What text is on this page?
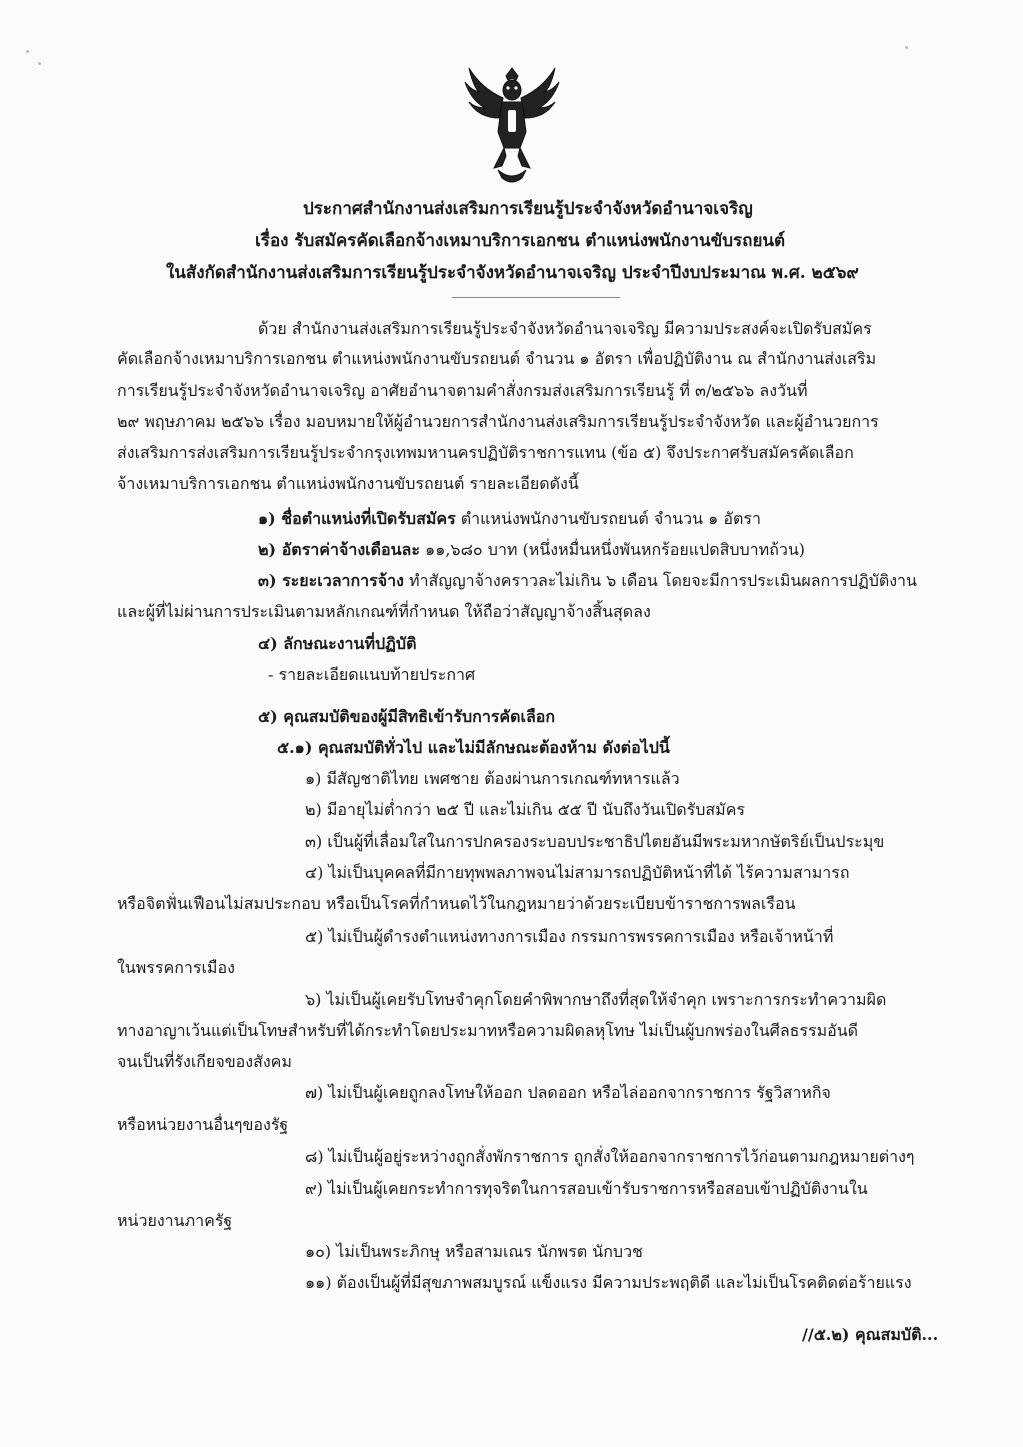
ประกาศสำนักงานส่งเสริมการเรียนรู้ประจำจังหวัดอำนาจเจริญ
เรื่อง รับสมัครคัดเลือกจ้างเหมาบริการเอกชน ตำแหน่งพนักงานขับรถยนต์
ในสังกัดสำนักงานส่งเสริมการเรียนรู้ประจำจังหวัดอำนาจเจริญ ประจำปีงบประมาณ พ.ศ. ๒๕๖๙
ด้วย สำนักงานส่งเสริมการเรียนรู้ประจำจังหวัดอำนาจเจริญ มีความประสงค์จะเปิดรับสมัคร
คัดเลือกจ้างเหมาบริการเอกชน ตำแหน่งพนักงานขับรถยนต์ จำนวน ๑ อัตรา เพื่อปฏิบัติงาน ณ สำนักงานส่งเสริม
การเรียนรู้ประจำจังหวัดอำนาจเจริญ อาศัยอำนาจตามคำสั่งกรมส่งเสริมการเรียนรู้ ที่ ๓/๒๕๖๖ ลงวันที่
๒๙ พฤษภาคม ๒๕๖๖ เรื่อง มอบหมายให้ผู้อำนวยการสำนักงานส่งเสริมการเรียนรู้ประจำจังหวัด และผู้อำนวยการ
ส่งเสริมการส่งเสริมการเรียนรู้ประจำกรุงเทพมหานครปฏิบัติราชการแทน (ข้อ ๕) จึงประกาศรับสมัครคัดเลือก
จ้างเหมาบริการเอกชน ตำแหน่งพนักงานขับรถยนต์ รายละเอียดดังนี้
๑) ชื่อตำแหน่งที่เปิดรับสมัคร ตำแหน่งพนักงานขับรถยนต์ จำนวน ๑ อัตรา
๒) อัตราค่าจ้างเดือนละ ๑๑,๖๘๐ บาท (หนึ่งหมื่นหนึ่งพันหกร้อยแปดสิบบาทถ้วน)
๓) ระยะเวลาการจ้าง ทำสัญญาจ้างคราวละไม่เกิน ๖ เดือน โดยจะมีการประเมินผลการปฏิบัติงาน
และผู้ที่ไม่ผ่านการประเมินตามหลักเกณฑ์ที่กำหนด ให้ถือว่าสัญญาจ้างสิ้นสุดลง
๔) ลักษณะงานที่ปฏิบัติ
- รายละเอียดแนบท้ายประกาศ
๕) คุณสมบัติของผู้มีสิทธิเข้ารับการคัดเลือก
๕.๑) คุณสมบัติทั่วไป และไม่มีลักษณะต้องห้าม ดังต่อไปนี้
๑) มีสัญชาติไทย เพศชาย ต้องผ่านการเกณฑ์ทหารแล้ว
๒) มีอายุไม่ต่ำกว่า ๒๕ ปี และไม่เกิน ๕๕ ปี นับถึงวันเปิดรับสมัคร
๓) เป็นผู้ที่เลื่อมใสในการปกครองระบอบประชาธิปไตยอันมีพระมหากษัตริย์เป็นประมุข
๔) ไม่เป็นบุคคลที่มีกายทุพพลภาพจนไม่สามารถปฏิบัติหน้าที่ได้ ไร้ความสามารถ
หรือจิตฟั่นเฟือนไม่สมประกอบ หรือเป็นโรคที่กำหนดไว้ในกฎหมายว่าด้วยระเบียบข้าราชการพลเรือน
๕) ไม่เป็นผู้ดำรงตำแหน่งทางการเมือง กรรมการพรรคการเมือง หรือเจ้าหน้าที่
ในพรรคการเมือง
๖) ไม่เป็นผู้เคยรับโทษจำคุกโดยคำพิพากษาถึงที่สุดให้จำคุก เพราะการกระทำความผิด
ทางอาญาเว้นแต่เป็นโทษสำหรับที่ได้กระทำโดยประมาทหรือความผิดลหุโทษ ไม่เป็นผู้บกพร่องในศีลธรรมอันดี
จนเป็นที่รังเกียจของสังคม
๗) ไม่เป็นผู้เคยถูกลงโทษให้ออก ปลดออก หรือไล่ออกจากราชการ รัฐวิสาหกิจ
หรือหน่วยงานอื่นๆของรัฐ
๘) ไม่เป็นผู้อยู่ระหว่างถูกสั่งพักราชการ ถูกสั่งให้ออกจากราชการไว้ก่อนตามกฎหมายต่างๆ
๙) ไม่เป็นผู้เคยกระทำการทุจริตในการสอบเข้ารับราชการหรือสอบเข้าปฏิบัติงานใน
หน่วยงานภาครัฐ
๑๐) ไม่เป็นพระภิกษุ หรือสามเณร นักพรต นักบวช
๑๑) ต้องเป็นผู้ที่มีสุขภาพสมบูรณ์ แข็งแรง มีความประพฤติดี และไม่เป็นโรคติดต่อร้ายแรง
//๕.๒) คุณสมบัติ...
